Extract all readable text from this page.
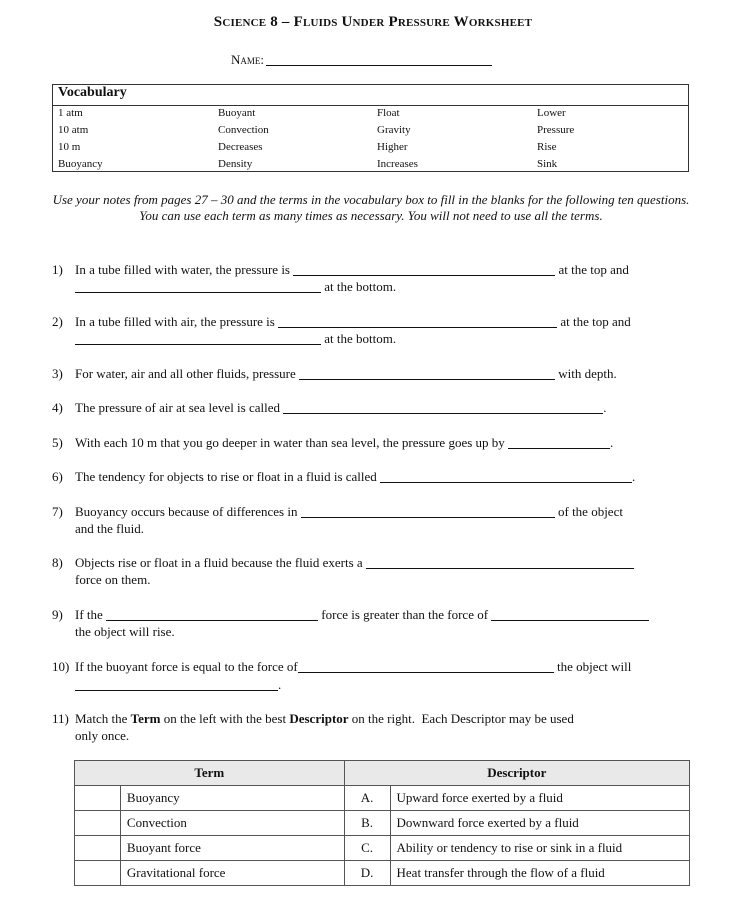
Science 8 – Fluids Under Pressure Worksheet
Name:
Vocabulary
1 atm	Buoyant	Float	Lower
10 atm	Convection	Gravity	Pressure
10 m	Decreases	Higher	Rise
Buoyancy	Density	Increases	Sink
Use your notes from pages 27 – 30 and the terms in the vocabulary box to fill in the blanks for the following ten questions. You can use each term as many times as necessary. You will not need to use all the terms.
1) In a tube filled with water, the pressure is	at the top and
at the bottom.
2) In a tube filled with air, the pressure is	at the top and
at the bottom.
3) For water, air and all other fluids, pressure	with depth.
4) The pressure of air at sea level is called	.
5) With each 10 m that you go deeper in water than sea level, the pressure goes up by	.
6) The tendency for objects to rise or float in a fluid is called	.
7) Buoyancy occurs because of differences in	of the object
and the fluid.
8) Objects rise or float in a fluid because the fluid exerts a
force on them.
9) If the	force is greater than the force of
the object will rise.
10) If the buoyant force is equal to the force of	the object will
.
11) Match the Term on the left with the best Descriptor on the right.  Each Descriptor may be used
only once.
Term		Descriptor	
	Buoyancy	A.	Upward force exerted by a fluid
	Convection	B.	Downward force exerted by a fluid
	Buoyant force	C.	Ability or tendency to rise or sink in a fluid
	Gravitational force	D.	Heat transfer through the flow of a fluid
